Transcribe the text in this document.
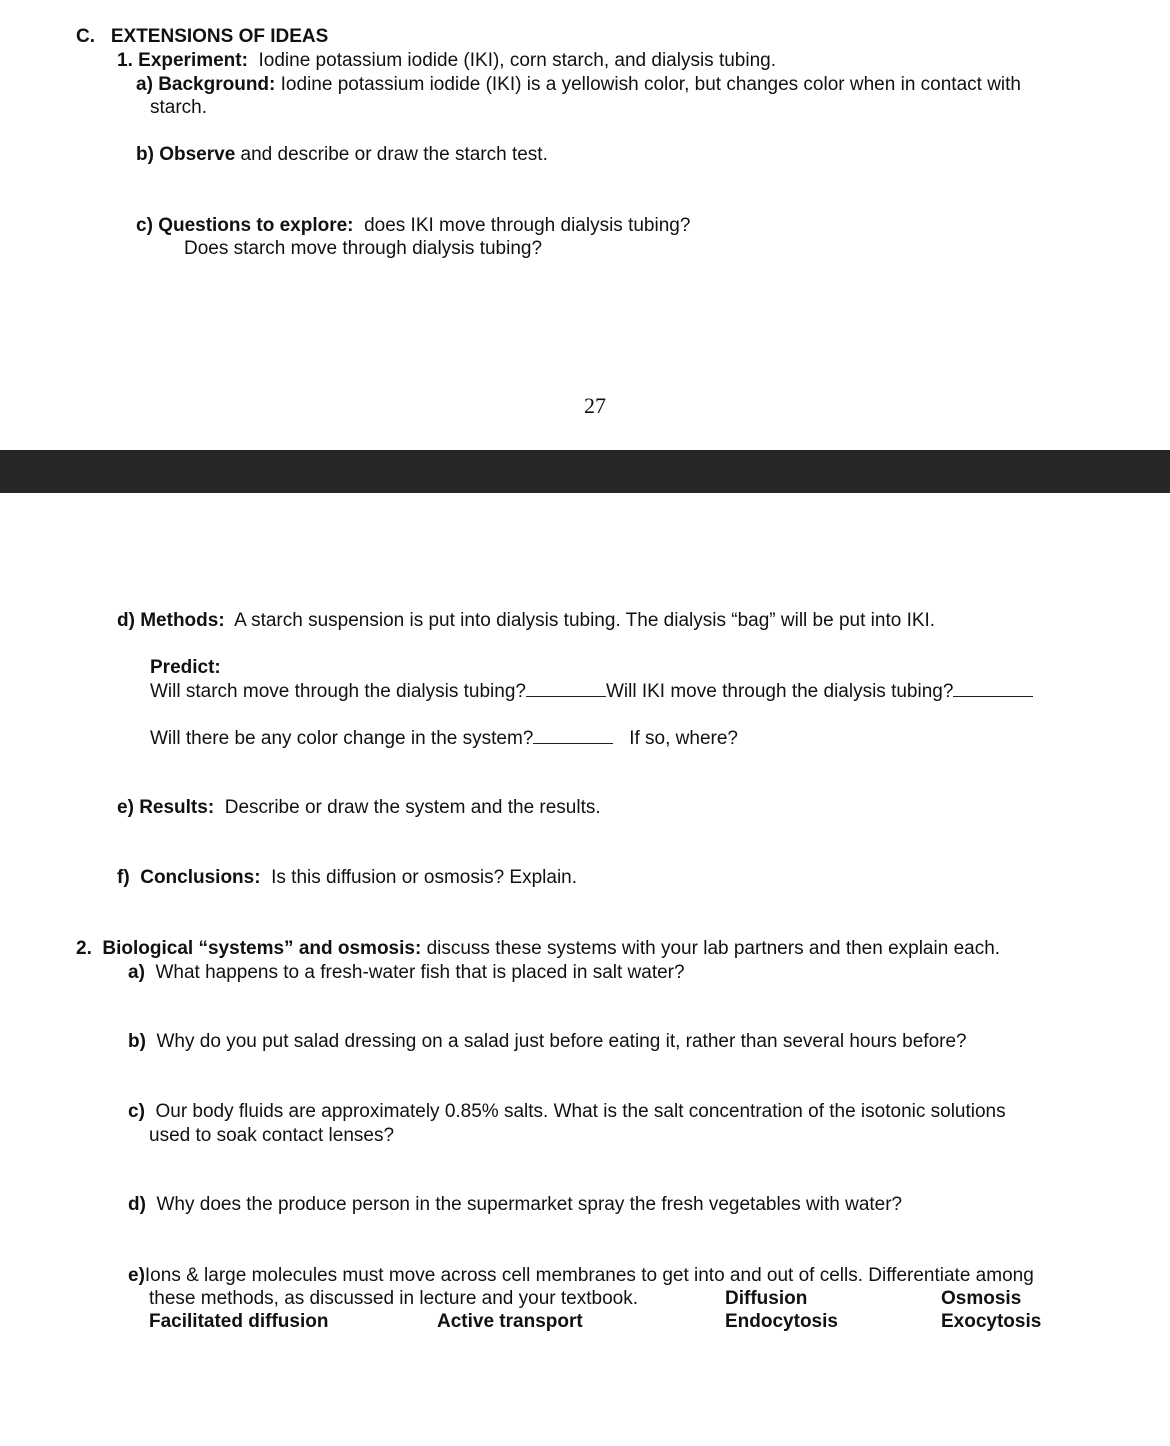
C. EXTENSIONS OF IDEAS
1. Experiment: Iodine potassium iodide (IKI), corn starch, and dialysis tubing.
a) Background: Iodine potassium iodide (IKI) is a yellowish color, but changes color when in contact with
starch.
b) Observe and describe or draw the starch test.
c) Questions to explore: does IKI move through dialysis tubing?
Does starch move through dialysis tubing?
27
d) Methods: A starch suspension is put into dialysis tubing. The dialysis “bag” will be put into IKI.
Predict:
Will starch move through the dialysis tubing?	Will IKI move through the dialysis tubing?
Will there be any color change in the system?	If so, where?
e) Results: Describe or draw the system and the results.
f) Conclusions: Is this diffusion or osmosis? Explain.
2. Biological “systems” and osmosis: discuss these systems with your lab partners and then explain each.
a) What happens to a fresh-water fish that is placed in salt water?
b) Why do you put salad dressing on a salad just before eating it, rather than several hours before?
c) Our body fluids are approximately 0.85% salts. What is the salt concentration of the isotonic solutions
used to soak contact lenses?
d) Why does the produce person in the supermarket spray the fresh vegetables with water?
e)Ions & large molecules must move across cell membranes to get into and out of cells. Differentiate among
these methods, as discussed in lecture and your textbook.	Diffusion	Osmosis
Facilitated diffusion	Active transport	Endocytosis	Exocytosis
